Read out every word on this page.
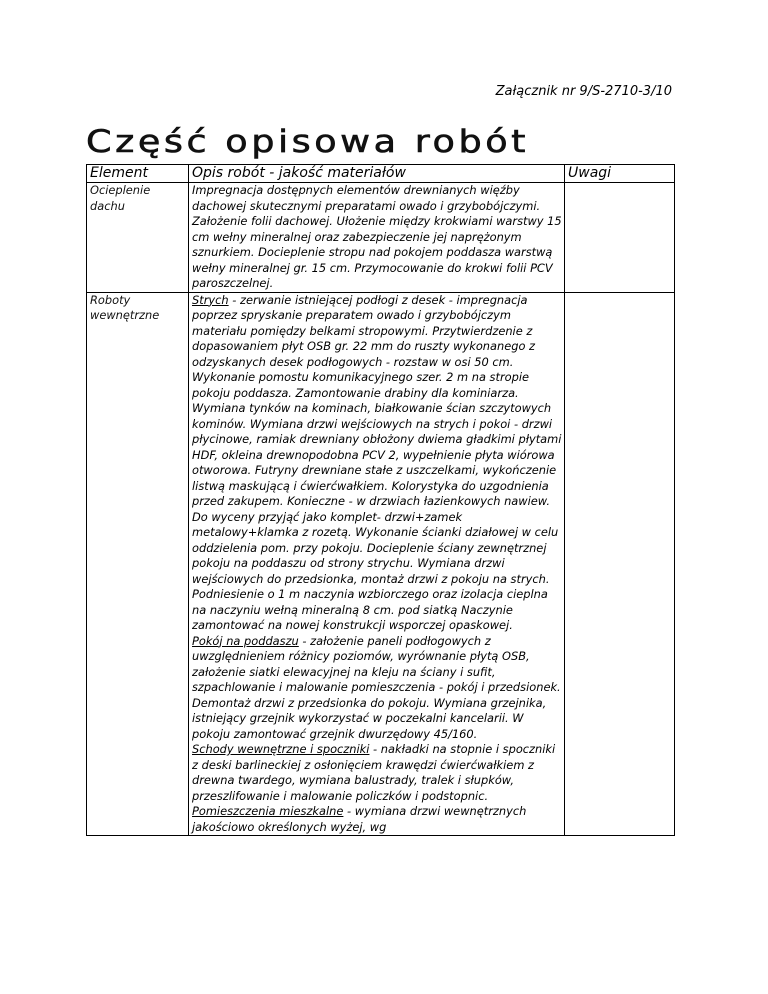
Załącznik nr 9/S-2710-3/10
Część opisowa robót
Element	Opis robót - jakość materiałów	Uwagi
Ocieplenie dachu	Impregnacja dostępnych elementów drewnianych więźby dachowej skutecznymi preparatami owado i grzybobójczymi. Założenie folii dachowej. Ułożenie między krokwiami warstwy 15 cm wełny mineralnej oraz zabezpieczenie jej naprężonym sznurkiem. Docieplenie stropu nad pokojem poddasza warstwą wełny mineralnej gr. 15 cm. Przymocowanie do krokwi folii PCV paroszczelnej.	

Roboty wewnętrzne	Strych - zerwanie istniejącej podłogi z desek - impregnacja poprzez spryskanie preparatem owado i grzybobójczym materiału pomiędzy belkami stropowymi. Przytwierdzenie z dopasowaniem płyt OSB gr. 22 mm do ruszty wykonanego z odzyskanych desek podłogowych - rozstaw w osi 50 cm. Wykonanie pomostu komunikacyjnego szer. 2 m na stropie pokoju poddasza. Zamontowanie drabiny dla kominiarza. Wymiana tynków na kominach, białkowanie ścian szczytowych kominów. Wymiana drzwi wejściowych na strych i pokoi - drzwi płycinowe, ramiak drewniany obłożony dwiema gładkimi płytami HDF, okleina drewnopodobna PCV 2, wypełnienie płyta wiórowa otworowa. Futryny drewniane stałe z uszczelkami, wykończenie listwą maskującą i ćwierćwałkiem. Kolorystyka do uzgodnienia przed zakupem. Konieczne - w drzwiach łazienkowych nawiew. Do wyceny przyjąć jako komplet- drzwi+zamek metalowy+klamka z rozetą. Wykonanie ścianki działowej w celu oddzielenia pom. przy pokoju. Docieplenie ściany zewnętrznej pokoju na poddaszu od strony strychu. Wymiana drzwi wejściowych do przedsionka, montaż drzwi z pokoju na strych. Podniesienie o 1 m naczynia wzbiorczego oraz izolacja cieplna na naczyniu wełną mineralną 8 cm. pod siatką Naczynie zamontować na nowej konstrukcji wsporczej opaskowej.

Pokój na poddaszu - założenie paneli podłogowych z uwzględnieniem różnicy poziomów, wyrównanie płytą OSB, założenie siatki elewacyjnej na kleju na ściany i sufit, szpachlowanie i malowanie pomieszczenia - pokój i przedsionek. Demontaż drzwi z przedsionka do pokoju. Wymiana grzejnika, istniejący grzejnik wykorzystać w poczekalni kancelarii. W pokoju zamontować grzejnik dwurzędowy 45/160.

Schody wewnętrzne i spoczniki - nakładki na stopnie i spoczniki z deski barlineckiej z osłonięciem krawędzi ćwierćwałkiem z drewna twardego, wymiana balustrady, tralek i słupków, przeszlifowanie i malowanie policzków i podstopnic.

Pomieszczenia mieszkalne - wymiana drzwi wewnętrznych jakościowo określonych wyżej, wg	
